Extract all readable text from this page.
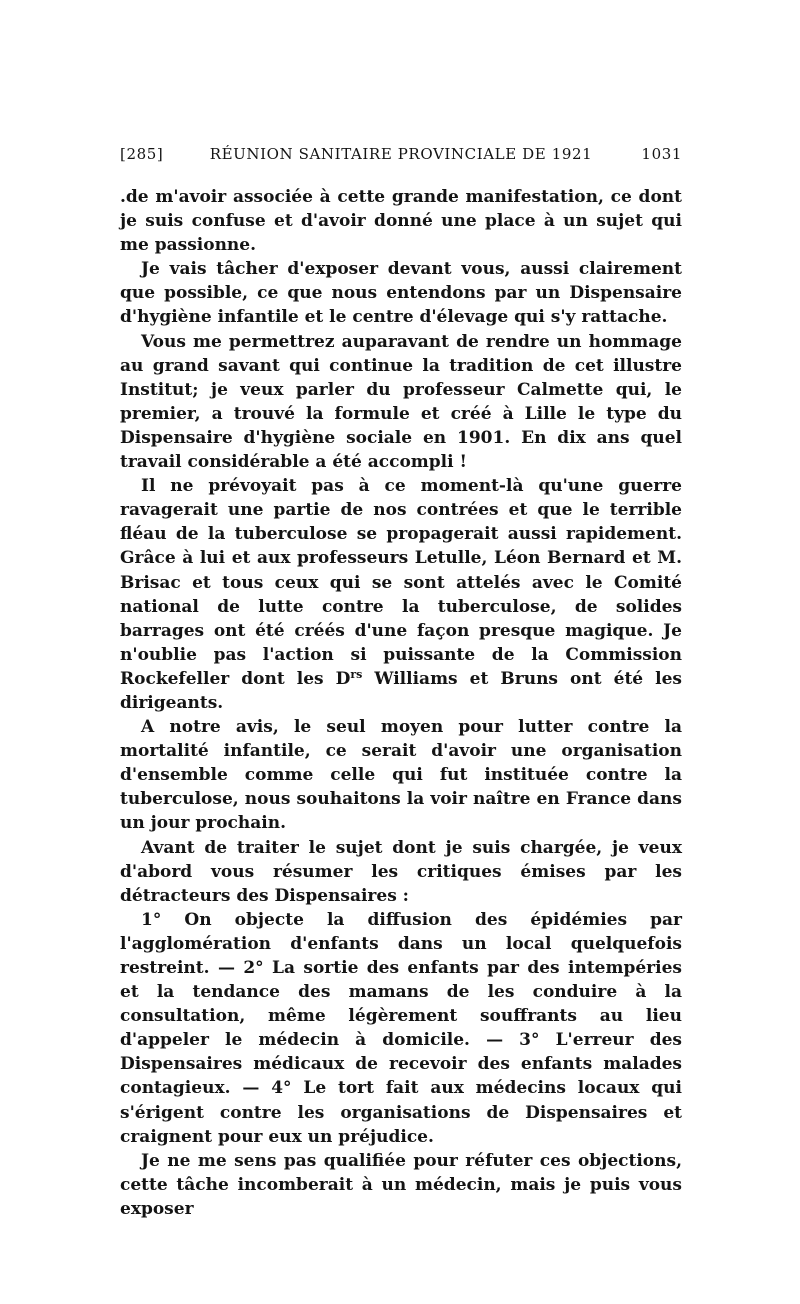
[285]	RÉUNION SANITAIRE PROVINCIALE DE 1921	1031

.de m'avoir associée à cette grande manifestation, ce dont je suis confuse et d'avoir donné une place à un sujet qui me passionne.

Je vais tâcher d'exposer devant vous, aussi clairement que possible, ce que nous entendons par un Dispensaire d'hygiène infantile et le centre d'élevage qui s'y rattache.

Vous me permettrez auparavant de rendre un hommage au grand savant qui continue la tradition de cet illustre Institut; je veux parler du professeur Calmette qui, le premier, a trouvé la formule et créé à Lille le type du Dispensaire d'hygiène sociale en 1901. En dix ans quel travail considérable a été accompli !

Il ne prévoyait pas à ce moment-là qu'une guerre ravagerait une partie de nos contrées et que le terrible fléau de la tuberculose se propagerait aussi rapidement. Grâce à lui et aux professeurs Letulle, Léon Bernard et M. Brisac et tous ceux qui se sont attelés avec le Comité national de lutte contre la tuberculose, de solides barrages ont été créés d'une façon presque magique. Je n'oublie pas l'action si puissante de la Commission Rockefeller dont les $D^{rs}$ Williams et Bruns ont été les dirigeants.

A notre avis, le seul moyen pour lutter contre la mortalité infantile, ce serait d'avoir une organisation d'ensemble comme celle qui fut instituée contre la tuberculose, nous souhaitons la voir naître en France dans un jour prochain.

Avant de traiter le sujet dont je suis chargée, je veux d'abord vous résumer les critiques émises par les détracteurs des Dispensaires :

1° On objecte la diffusion des épidémies par l'agglomération d'enfants dans un local quelquefois restreint. — 2° La sortie des enfants par des intempéries et la tendance des mamans de les conduire à la consultation, même légèrement souffrants au lieu d'appeler le médecin à domicile. — 3° L'erreur des Dispensaires médicaux de recevoir des enfants malades contagieux. — 4° Le tort fait aux médecins locaux qui s'érigent contre les organisations de Dispensaires et craignent pour eux un préjudice.

Je ne me sens pas qualifiée pour réfuter ces objections, cette tâche incomberait à un médecin, mais je puis vous exposer
